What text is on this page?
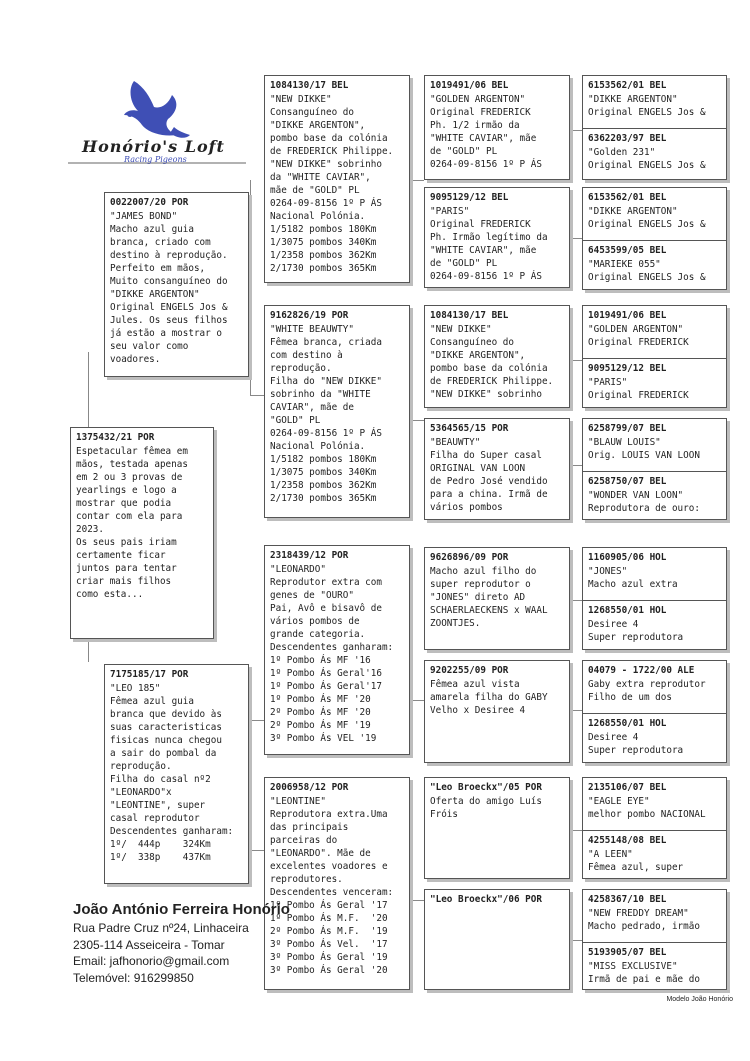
Honório's Loft
Racing Pigeons
0022007/20 POR
"JAMES BOND"
Macho azul guia
branca, criado com
destino à reprodução.
Perfeito em mãos,
Muito consanguíneo do
"DIKKE ARGENTON"
Original ENGELS Jos &
Jules. Os seus filhos
já estão a mostrar o
seu valor como
voadores.
1375432/21 POR
Espetacular fêmea em
mãos, testada apenas
em 2 ou 3 provas de
yearlings e logo a
mostrar que podia
contar com ela para
2023.
Os seus pais iriam
certamente ficar
juntos para tentar
criar mais filhos
como esta...
7175185/17 POR
"LEO 185"
Fêmea azul guia
branca que devido às
suas caracteristicas
fisicas nunca chegou
a sair do pombal da
reprodução.
Filha do casal nº2
"LEONARDO"x
"LEONTINE", super
casal reprodutor
Descendentes ganharam:
1º/  444p    324Km
1º/  338p    437Km
1084130/17 BEL
"NEW DIKKE"
Consanguíneo do
"DIKKE ARGENTON",
pombo base da colónia
de FREDERICK Philippe.
"NEW DIKKE" sobrinho
da "WHITE CAVIAR",
mãe de "GOLD" PL
0264-09-8156 1º P ÁS
Nacional Polónia.
1/5182 pombos 180Km
1/3075 pombos 340Km
1/2358 pombos 362Km
2/1730 pombos 365Km
9162826/19 POR
"WHITE BEAUWTY"
Fêmea branca, criada
com destino à
reprodução.
Filha do "NEW DIKKE"
sobrinho da "WHITE
CAVIAR", mãe de
"GOLD" PL
0264-09-8156 1º P ÁS
Nacional Polónia.
1/5182 pombos 180Km
1/3075 pombos 340Km
1/2358 pombos 362Km
2/1730 pombos 365Km
2318439/12 POR
"LEONARDO"
Reprodutor extra com
genes de "OURO"
Pai, Avô e bisavô de
vários pombos de
grande categoria.
Descendentes ganharam:
1º Pombo Ás MF '16
1º Pombo Ás Geral'16
1º Pombo Ás Geral'17
1º Pombo Ás MF '20
2º Pombo Ás MF '20
2º Pombo Ás MF '19
3º Pombo Ás VEL '19
2006958/12 POR
"LEONTINE"
Reprodutora extra.Uma
das principais
parceiras do
"LEONARDO". Mãe de
excelentes voadores e
reprodutores.
Descendentes venceram:
1º Pombo Ás Geral '17
1º Pombo Ás M.F.  '20
2º Pombo Ás M.F.  '19
3º Pombo Ás Vel.  '17
3º Pombo Ás Geral '19
3º Pombo Ás Geral '20
1019491/06 BEL
"GOLDEN ARGENTON"
Original FREDERICK
Ph. 1/2 irmão da
"WHITE CAVIAR", mãe
de "GOLD" PL
0264-09-8156 1º P ÁS
9095129/12 BEL
"PARIS"
Original FREDERICK
Ph. Irmão legítimo da
"WHITE CAVIAR", mãe
de "GOLD" PL
0264-09-8156 1º P ÁS
1084130/17 BEL
"NEW DIKKE"
Consanguíneo do
"DIKKE ARGENTON",
pombo base da colónia
de FREDERICK Philippe.
"NEW DIKKE" sobrinho
5364565/15 POR
"BEAUWTY"
Filha do Super casal
ORIGINAL VAN LOON
de Pedro José vendido
para a china. Irmã de
vários pombos
9626896/09 POR
Macho azul filho do
super reprodutor o
"JONES" direto AD
SCHAERLAECKENS x WAAL
ZOONTJES.
9202255/09 POR
Fêmea azul vista
amarela filha do GABY
Velho x Desiree 4
"Leo Broeckx"/05 POR
Oferta do amigo Luís
Fróis
"Leo Broeckx"/06 POR
6153562/01 BEL
"DIKKE ARGENTON"
Original ENGELS Jos &
6362203/97 BEL
"Golden 231"
Original ENGELS Jos &
6153562/01 BEL
"DIKKE ARGENTON"
Original ENGELS Jos &
6453599/05 BEL
"MARIEKE 055"
Original ENGELS Jos &
1019491/06 BEL
"GOLDEN ARGENTON"
Original FREDERICK
9095129/12 BEL
"PARIS"
Original FREDERICK
6258799/07 BEL
"BLAUW LOUIS"
Orig. LOUIS VAN LOON
6258750/07 BEL
"WONDER VAN LOON"
Reprodutora de ouro:
1160905/06 HOL
"JONES"
Macho azul extra
1268550/01 HOL
Desiree 4
Super reprodutora
04079 - 1722/00 ALE
Gaby extra reprodutor
Filho de um dos
1268550/01 HOL
Desiree 4
Super reprodutora
2135106/07 BEL
"EAGLE EYE"
melhor pombo NACIONAL
4255148/08 BEL
"A LEEN"
Fêmea azul, super
4258367/10 BEL
"NEW FREDDY DREAM"
Macho pedrado, irmão
5193905/07 BEL
"MISS EXCLUSIVE"
Irmã de pai e mãe do
João António Ferreira Honório
Rua Padre Cruz nº24, Linhaceira
2305-114 Asseiceira - Tomar
Email: jafhonorio@gmail.com
Telemóvel: 916299850
Modelo João Honório
